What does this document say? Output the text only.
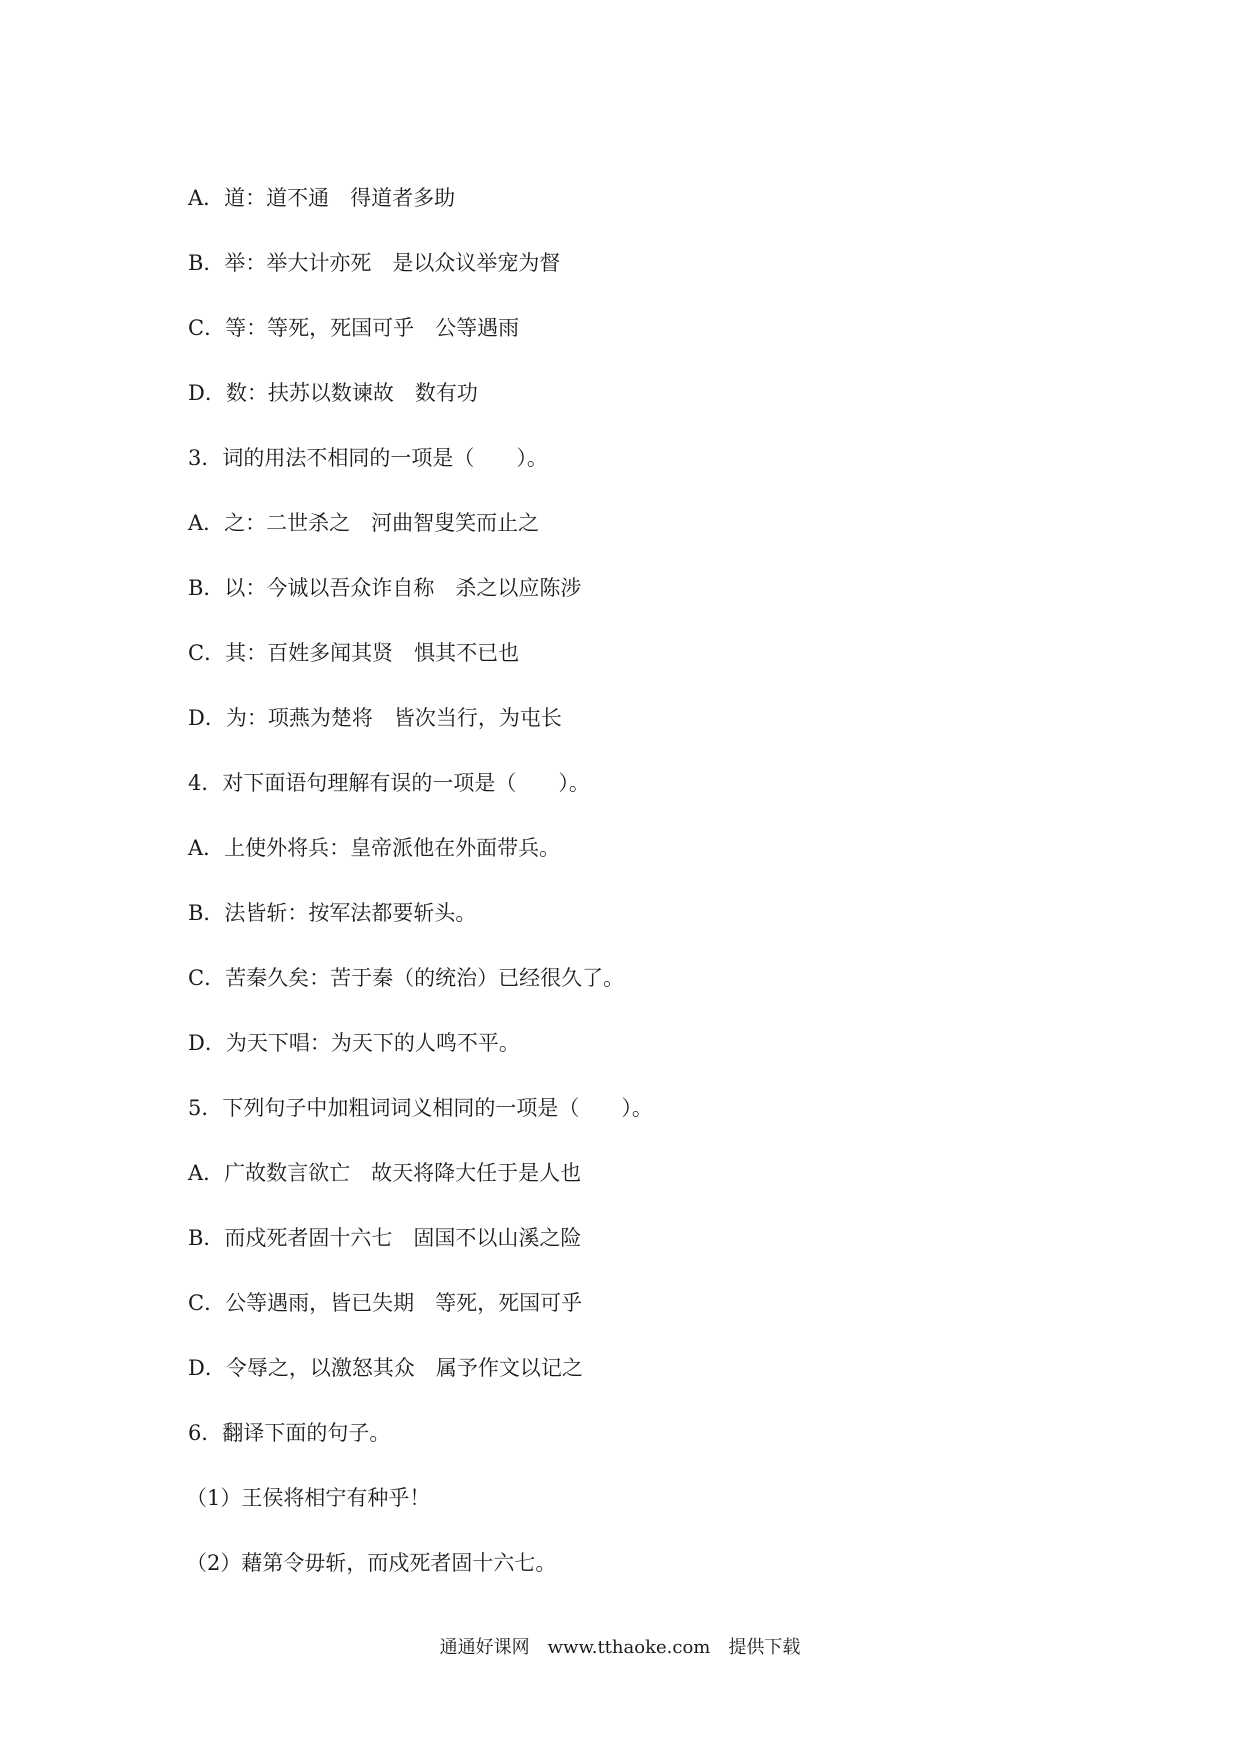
A．道：道不通　得道者多助
B．举：举大计亦死　是以众议举宠为督
C．等：等死，死国可乎　公等遇雨
D．数：扶苏以数谏故　数有功
3．词的用法不相同的一项是（　　）。
A．之：二世杀之　河曲智叟笑而止之
B．以：今诚以吾众诈自称　杀之以应陈涉
C．其：百姓多闻其贤　惧其不已也
D．为：项燕为楚将　皆次当行，为屯长
4．对下面语句理解有误的一项是（　　）。
A．上使外将兵：皇帝派他在外面带兵。
B．法皆斩：按军法都要斩头。
C．苦秦久矣：苦于秦（的统治）已经很久了。
D．为天下唱：为天下的人鸣不平。
5．下列句子中加粗词词义相同的一项是（　　）。
A．广故数言欲亡　故天将降大任于是人也
B．而戍死者固十六七　固国不以山溪之险
C．公等遇雨，皆已失期　等死，死国可乎
D．令辱之，以激怒其众　属予作文以记之
6．翻译下面的句子。
（1）王侯将相宁有种乎！
（2）藉第令毋斩，而戍死者固十六七。
通通好课网　www.tthaoke.com　提供下载
